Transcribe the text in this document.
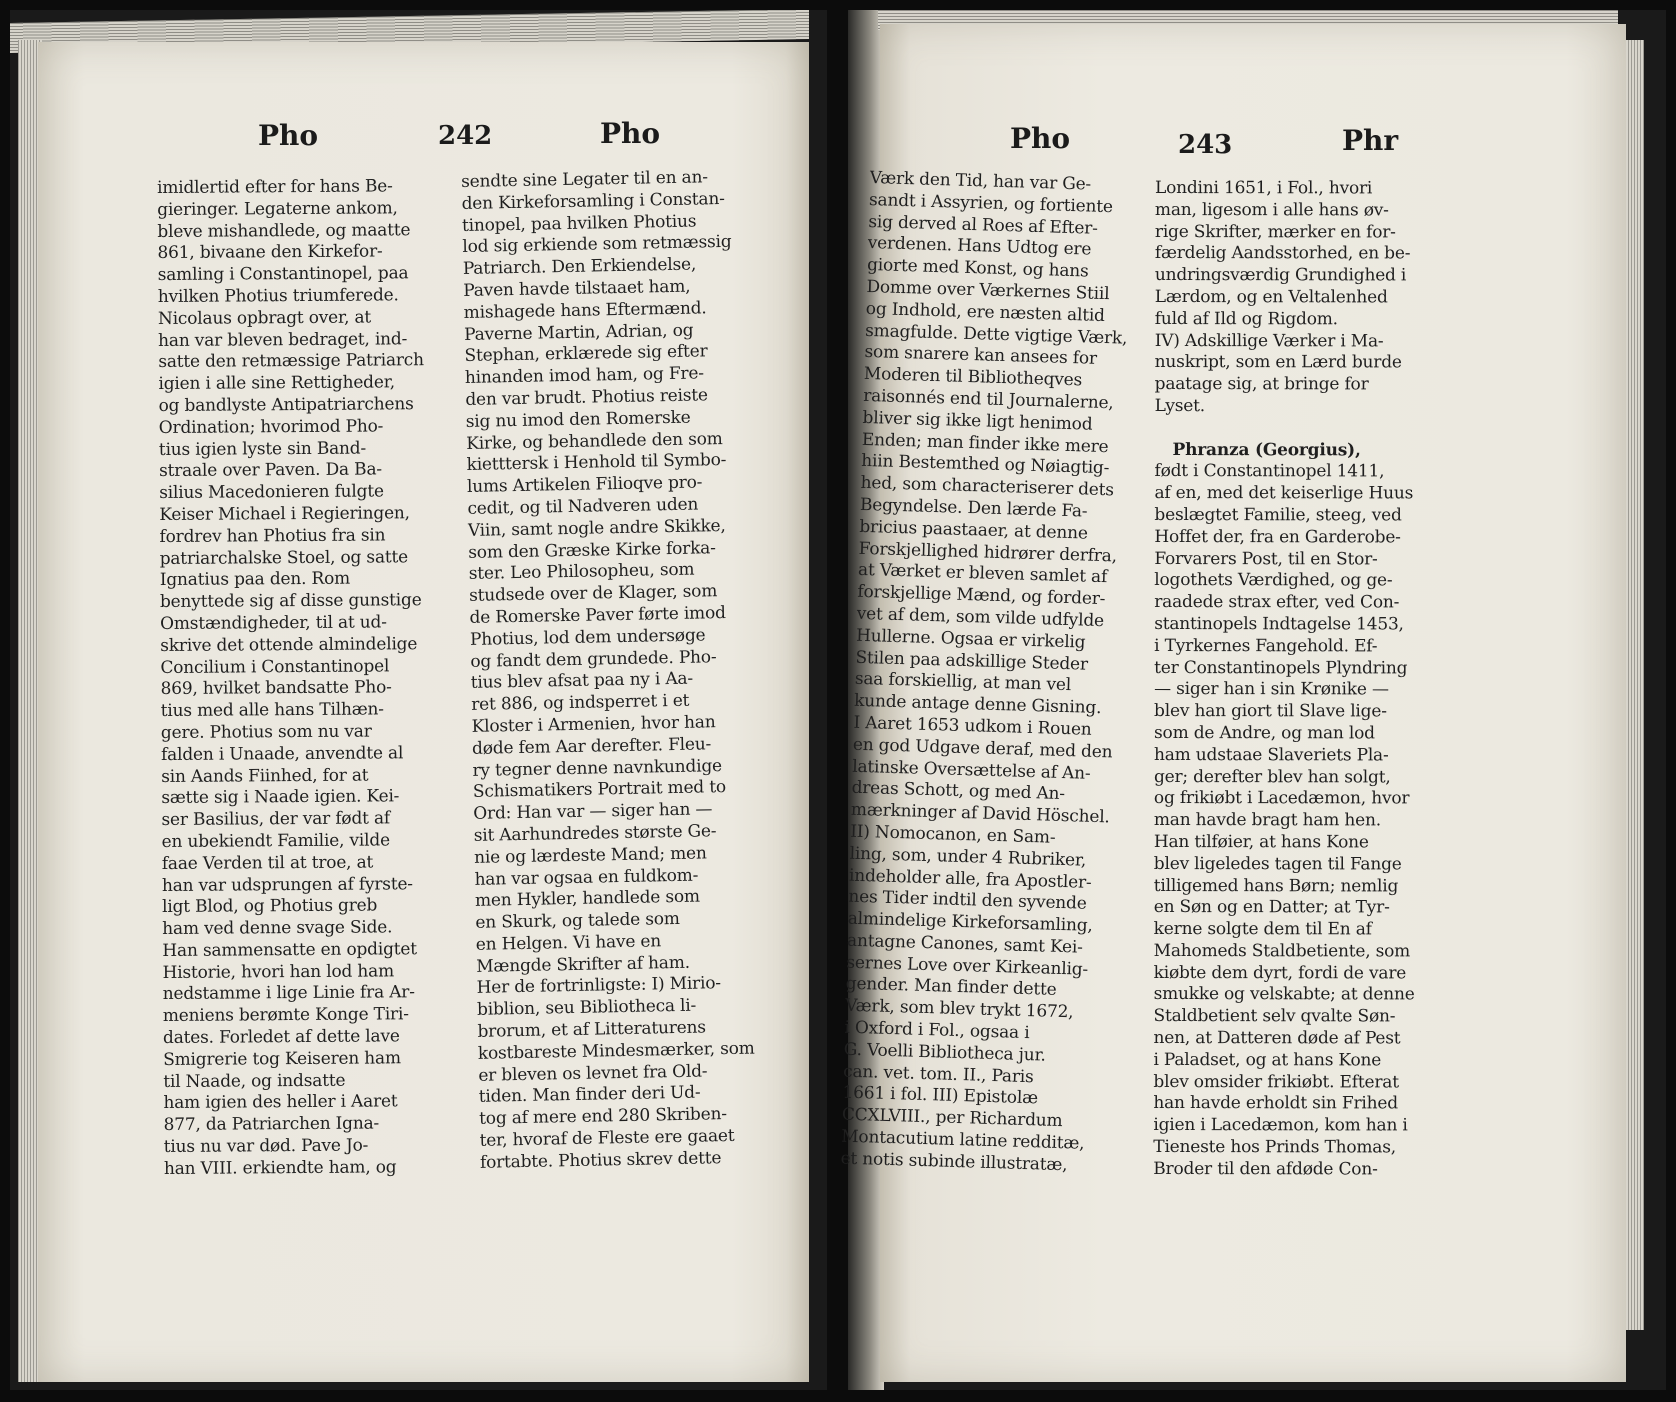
Pho	242	Pho	Pho	243	Phr
imidlertid efter for hans Be-
gieringer. Legaterne ankom,
bleve mishandlede, og maatte
861, bivaane den Kirkefor-
samling i Constantinopel, paa
hvilken Photius triumferede.
Nicolaus opbragt over, at
han var bleven bedraget, ind-
satte den retmæssige Patriarch
igien i alle sine Rettigheder,
og bandlyste Antipatriarchens
Ordination; hvorimod Pho-
tius igien lyste sin Band-
straale over Paven. Da Ba-
silius Macedonieren fulgte
Keiser Michael i Regieringen,
fordrev han Photius fra sin
patriarchalske Stoel, og satte
Ignatius paa den. Rom
benyttede sig af disse gunstige
Omstændigheder, til at ud-
skrive det ottende almindelige
Concilium i Constantinopel
869, hvilket bandsatte Pho-
tius med alle hans Tilhæn-
gere. Photius som nu var
falden i Unaade, anvendte al
sin Aands Fiinhed, for at
sætte sig i Naade igien. Kei-
ser Basilius, der var født af
en ubekiendt Familie, vilde
faae Verden til at troe, at
han var udsprungen af fyrste-
ligt Blod, og Photius greb
ham ved denne svage Side.
Han sammensatte en opdigtet
Historie, hvori han lod ham
nedstamme i lige Linie fra Ar-
meniens berømte Konge Tiri-
dates. Forledet af dette lave
Smigrerie tog Keiseren ham
til Naade, og indsatte
ham igien des heller i Aaret
877, da Patriarchen Igna-
tius nu var død. Pave Jo-
han VIII. erkiendte ham, og
sendte sine Legater til en an-
den Kirkeforsamling i Constan-
tinopel, paa hvilken Photius
lod sig erkiende som retmæssig
Patriarch. Den Erkiendelse,
Paven havde tilstaaet ham,
mishagede hans Eftermænd.
Paverne Martin, Adrian, og
Stephan, erklærede sig efter
hinanden imod ham, og Fre-
den var brudt. Photius reiste
sig nu imod den Romerske
Kirke, og behandlede den som
kietttersk i Henhold til Symbo-
lums Artikelen Filioqve pro-
cedit, og til Nadveren uden
Viin, samt nogle andre Skikke,
som den Græske Kirke forka-
ster. Leo Philosopheu, som
studsede over de Klager, som
de Romerske Paver førte imod
Photius, lod dem undersøge
og fandt dem grundede. Pho-
tius blev afsat paa ny i Aa-
ret 886, og indsperret i et
Kloster i Armenien, hvor han
døde fem Aar derefter. Fleu-
ry tegner denne navnkundige
Schismatikers Portrait med to
Ord: Han var — siger han —
sit Aarhundredes største Ge-
nie og lærdeste Mand; men
han var ogsaa en fuldkom-
men Hykler, handlede som
en Skurk, og talede som
en Helgen. Vi have en
Mængde Skrifter af ham.
Her de fortrinligste: I) Mirio-
biblion, seu Bibliotheca li-
brorum, et af Litteraturens
kostbareste Mindesmærker, som
er bleven os levnet fra Old-
tiden. Man finder deri Ud-
tog af mere end 280 Skriben-
ter, hvoraf de Fleste ere gaaet
fortabte. Photius skrev dette
Værk den Tid, han var Ge-
sandt i Assyrien, og fortiente
sig derved al Roes af Efter-
verdenen. Hans Udtog ere
giorte med Konst, og hans
Domme over Værkernes Stiil
og Indhold, ere næsten altid
smagfulde. Dette vigtige Værk,
som snarere kan ansees for
Moderen til Bibliotheqves
raisonnés end til Journalerne,
bliver sig ikke ligt henimod
Enden; man finder ikke mere
hiin Bestemthed og Nøiagtig-
hed, som characteriserer dets
Begyndelse. Den lærde Fa-
bricius paastaaer, at denne
Forskjellighed hidrører derfra,
at Værket er bleven samlet af
forskjellige Mænd, og forder-
vet af dem, som vilde udfylde
Hullerne. Ogsaa er virkelig
Stilen paa adskillige Steder
saa forskiellig, at man vel
kunde antage denne Gisning.
I Aaret 1653 udkom i Rouen
en god Udgave deraf, med den
latinske Oversættelse af An-
dreas Schott, og med An-
mærkninger af David Höschel.
II) Nomocanon, en Sam-
ling, som, under 4 Rubriker,
indeholder alle, fra Apostler-
nes Tider indtil den syvende
almindelige Kirkeforsamling,
antagne Canones, samt Kei-
sernes Love over Kirkeanlig-
gender. Man finder dette
Værk, som blev trykt 1672,
i Oxford i Fol., ogsaa i
G. Voelli Bibliotheca jur.
can. vet. tom. II., Paris
1661 i fol. III) Epistolæ
CCXLVIII., per Richardum
Montacutium latine redditæ,
et notis subinde illustratæ,
Londini 1651, i Fol., hvori
man, ligesom i alle hans øv-
rige Skrifter, mærker en for-
færdelig Aandsstorhed, en be-
undringsværdig Grundighed i
Lærdom, og en Veltalenhed
fuld af Ild og Rigdom.
IV) Adskillige Værker i Ma-
nuskript, som en Lærd burde
paatage sig, at bringe for
Lyset.

Phranza (Georgius),
født i Constantinopel 1411,
af en, med det keiserlige Huus
beslægtet Familie, steeg, ved
Hoffet der, fra en Garderobe-
Forvarers Post, til en Stor-
logothets Værdighed, og ge-
raadede strax efter, ved Con-
stantinopels Indtagelse 1453,
i Tyrkernes Fangehold. Ef-
ter Constantinopels Plyndring
— siger han i sin Krønike —
blev han giort til Slave lige-
som de Andre, og man lod
ham udstaae Slaveriets Pla-
ger; derefter blev han solgt,
og frikiøbt i Lacedæmon, hvor
man havde bragt ham hen.
Han tilføier, at hans Kone
blev ligeledes tagen til Fange
tilligemed hans Børn; nemlig
en Søn og en Datter; at Tyr-
kerne solgte dem til En af
Mahomeds Staldbetiente, som
kiøbte dem dyrt, fordi de vare
smukke og velskabte; at denne
Staldbetient selv qvalte Søn-
nen, at Datteren døde af Pest
i Paladset, og at hans Kone
blev omsider frikiøbt. Efterat
han havde erholdt sin Frihed
igien i Lacedæmon, kom han i
Tieneste hos Prinds Thomas,
Broder til den afdøde Con-
